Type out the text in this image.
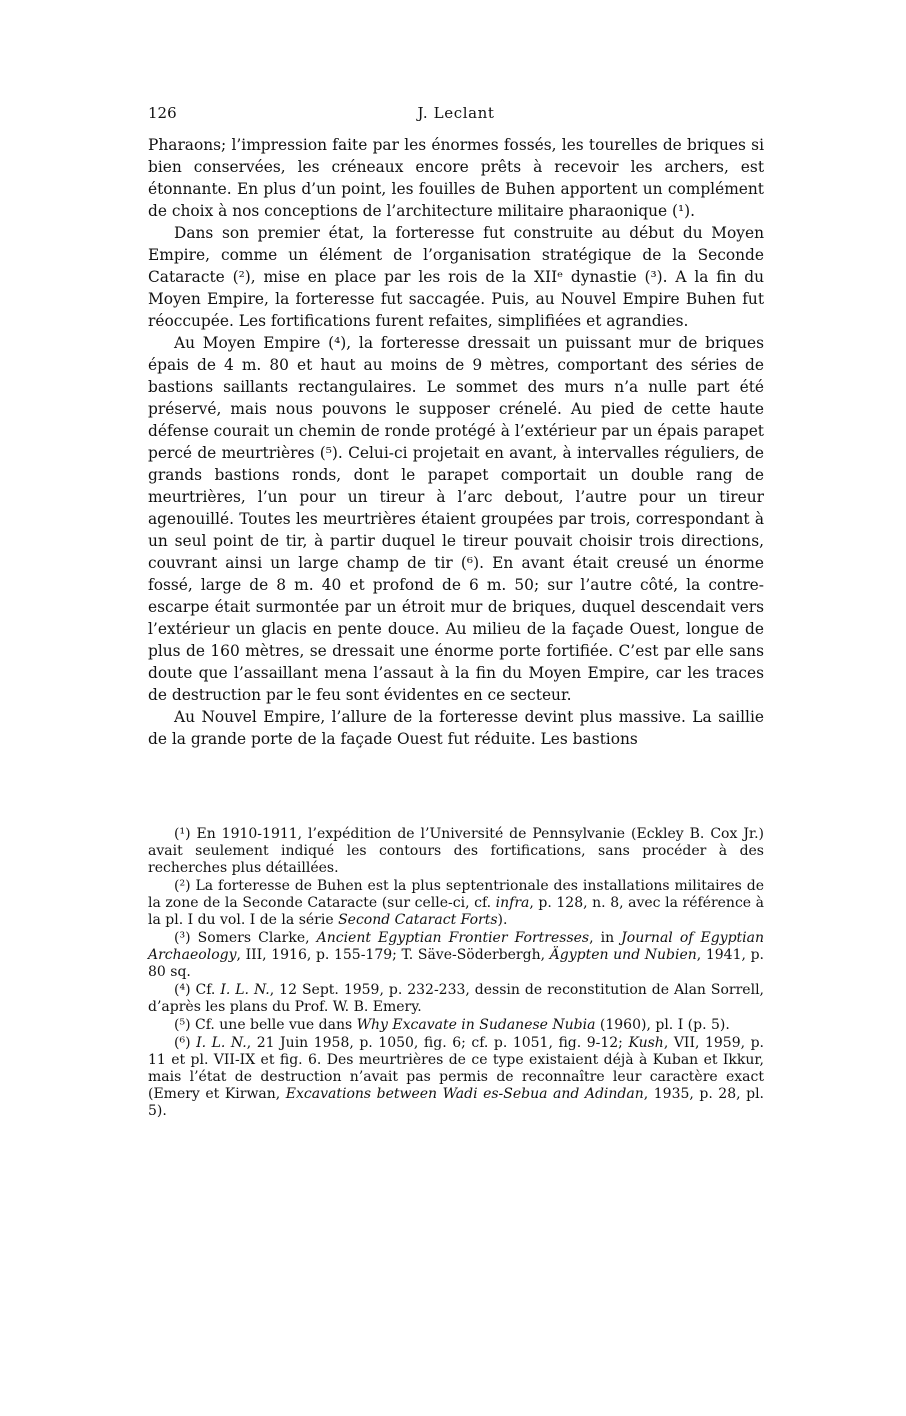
126	J. Leclant

Pharaons; l’impression faite par les énormes fossés, les tourelles de briques si bien conservées, les créneaux encore prêts à recevoir les archers, est étonnante. En plus d’un point, les fouilles de Buhen apportent un complément de choix à nos conceptions de l’architecture militaire pharaonique (¹).

Dans son premier état, la forteresse fut construite au début du Moyen Empire, comme un élément de l’organisation stratégique de la Seconde Cataracte (²), mise en place par les rois de la XIIᵉ dynastie (³). A la fin du Moyen Empire, la forteresse fut saccagée. Puis, au Nouvel Empire Buhen fut réoccupée. Les fortifications furent refaites, simplifiées et agrandies.

Au Moyen Empire (⁴), la forteresse dressait un puissant mur de briques épais de 4 m. 80 et haut au moins de 9 mètres, comportant des séries de bastions saillants rectangulaires. Le sommet des murs n’a nulle part été préservé, mais nous pouvons le supposer crénelé. Au pied de cette haute défense courait un chemin de ronde protégé à l’extérieur par un épais parapet percé de meurtrières (⁵). Celui-ci projetait en avant, à intervalles réguliers, de grands bastions ronds, dont le parapet comportait un double rang de meurtrières, l’un pour un tireur à l’arc debout, l’autre pour un tireur agenouillé. Toutes les meurtrières étaient groupées par trois, correspondant à un seul point de tir, à partir duquel le tireur pouvait choisir trois directions, couvrant ainsi un large champ de tir (⁶). En avant était creusé un énorme fossé, large de 8 m. 40 et profond de 6 m. 50; sur l’autre côté, la contre-escarpe était surmontée par un étroit mur de briques, duquel descendait vers l’extérieur un glacis en pente douce. Au milieu de la façade Ouest, longue de plus de 160 mètres, se dressait une énorme porte fortifiée. C’est par elle sans doute que l’assaillant mena l’assaut à la fin du Moyen Empire, car les traces de destruction par le feu sont évidentes en ce secteur.

Au Nouvel Empire, l’allure de la forteresse devint plus massive. La saillie de la grande porte de la façade Ouest fut réduite. Les bastions

(¹) En 1910-1911, l’expédition de l’Université de Pennsylvanie (Eckley B. Cox Jr.) avait seulement indiqué les contours des fortifications, sans procéder à des recherches plus détaillées.

(²) La forteresse de Buhen est la plus septentrionale des installations militaires de la zone de la Seconde Cataracte (sur celle-ci, cf. infra, p. 128, n. 8, avec la référence à la pl. I du vol. I de la série Second Cataract Forts).

(³) Somers Clarke, Ancient Egyptian Frontier Fortresses, in Journal of Egyptian Archaeology, III, 1916, p. 155-179; T. Säve-Söderbergh, Ägypten und Nubien, 1941, p. 80 sq.

(⁴) Cf. I. L. N., 12 Sept. 1959, p. 232-233, dessin de reconstitution de Alan Sorrell, d’après les plans du Prof. W. B. Emery.

(⁵) Cf. une belle vue dans Why Excavate in Sudanese Nubia (1960), pl. I (p. 5).

(⁶) I. L. N., 21 Juin 1958, p. 1050, fig. 6; cf. p. 1051, fig. 9-12; Kush, VII, 1959, p. 11 et pl. VII-IX et fig. 6. Des meurtrières de ce type existaient déjà à Kuban et Ikkur, mais l’état de destruction n’avait pas permis de reconnaître leur caractère exact (Emery et Kirwan, Excavations between Wadi es-Sebua and Adindan, 1935, p. 28, pl. 5).
